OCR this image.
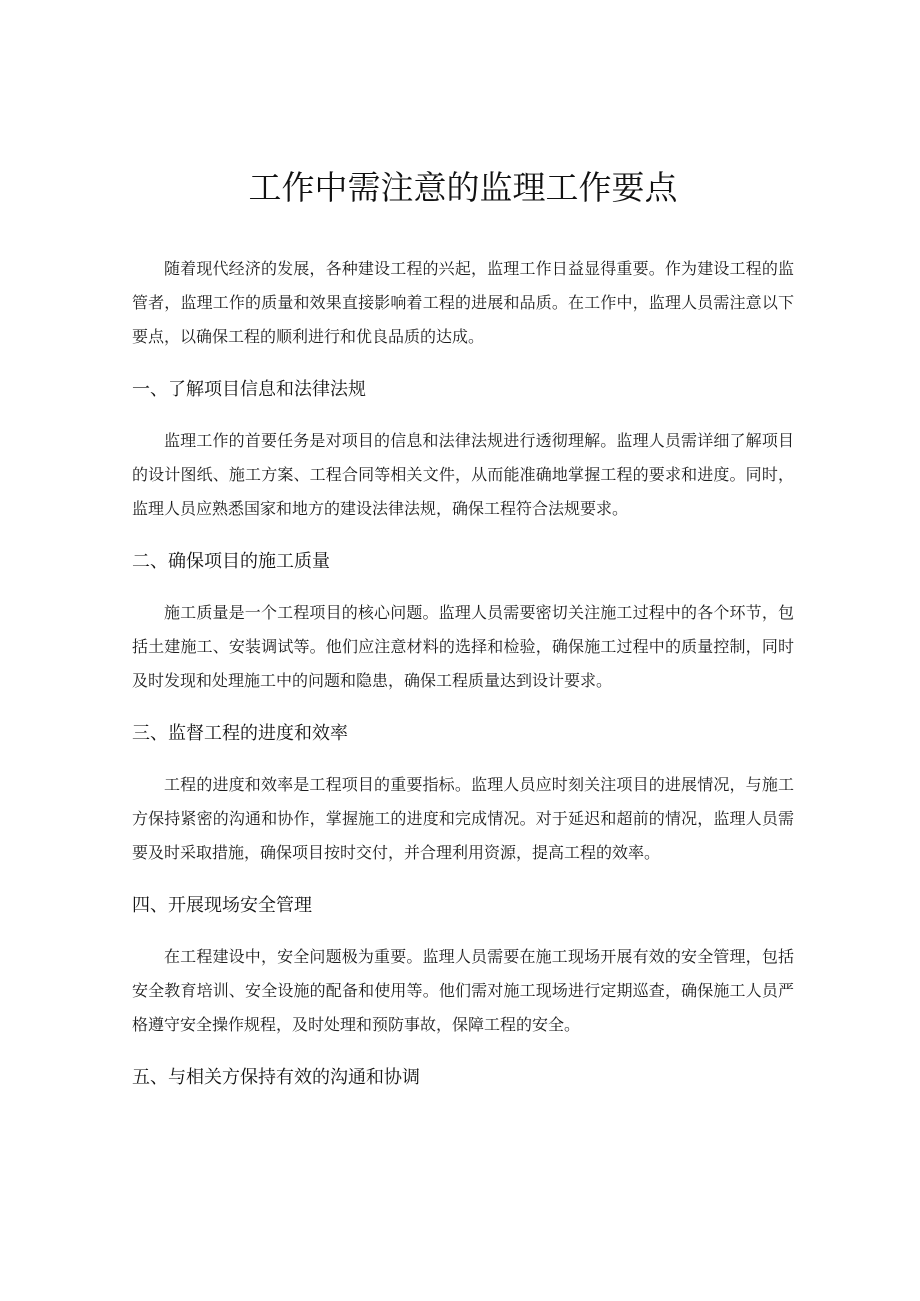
工作中需注意的监理工作要点

随着现代经济的发展，各种建设工程的兴起，监理工作日益显得重要。作为建设工程的监管者，监理工作的质量和效果直接影响着工程的进展和品质。在工作中，监理人员需注意以下要点，以确保工程的顺利进行和优良品质的达成。

一、了解项目信息和法律法规

监理工作的首要任务是对项目的信息和法律法规进行透彻理解。监理人员需详细了解项目的设计图纸、施工方案、工程合同等相关文件，从而能准确地掌握工程的要求和进度。同时，监理人员应熟悉国家和地方的建设法律法规，确保工程符合法规要求。

二、确保项目的施工质量

施工质量是一个工程项目的核心问题。监理人员需要密切关注施工过程中的各个环节，包括土建施工、安装调试等。他们应注意材料的选择和检验，确保施工过程中的质量控制，同时及时发现和处理施工中的问题和隐患，确保工程质量达到设计要求。

三、监督工程的进度和效率

工程的进度和效率是工程项目的重要指标。监理人员应时刻关注项目的进展情况，与施工方保持紧密的沟通和协作，掌握施工的进度和完成情况。对于延迟和超前的情况，监理人员需要及时采取措施，确保项目按时交付，并合理利用资源，提高工程的效率。

四、开展现场安全管理

在工程建设中，安全问题极为重要。监理人员需要在施工现场开展有效的安全管理，包括安全教育培训、安全设施的配备和使用等。他们需对施工现场进行定期巡查，确保施工人员严格遵守安全操作规程，及时处理和预防事故，保障工程的安全。

五、与相关方保持有效的沟通和协调
